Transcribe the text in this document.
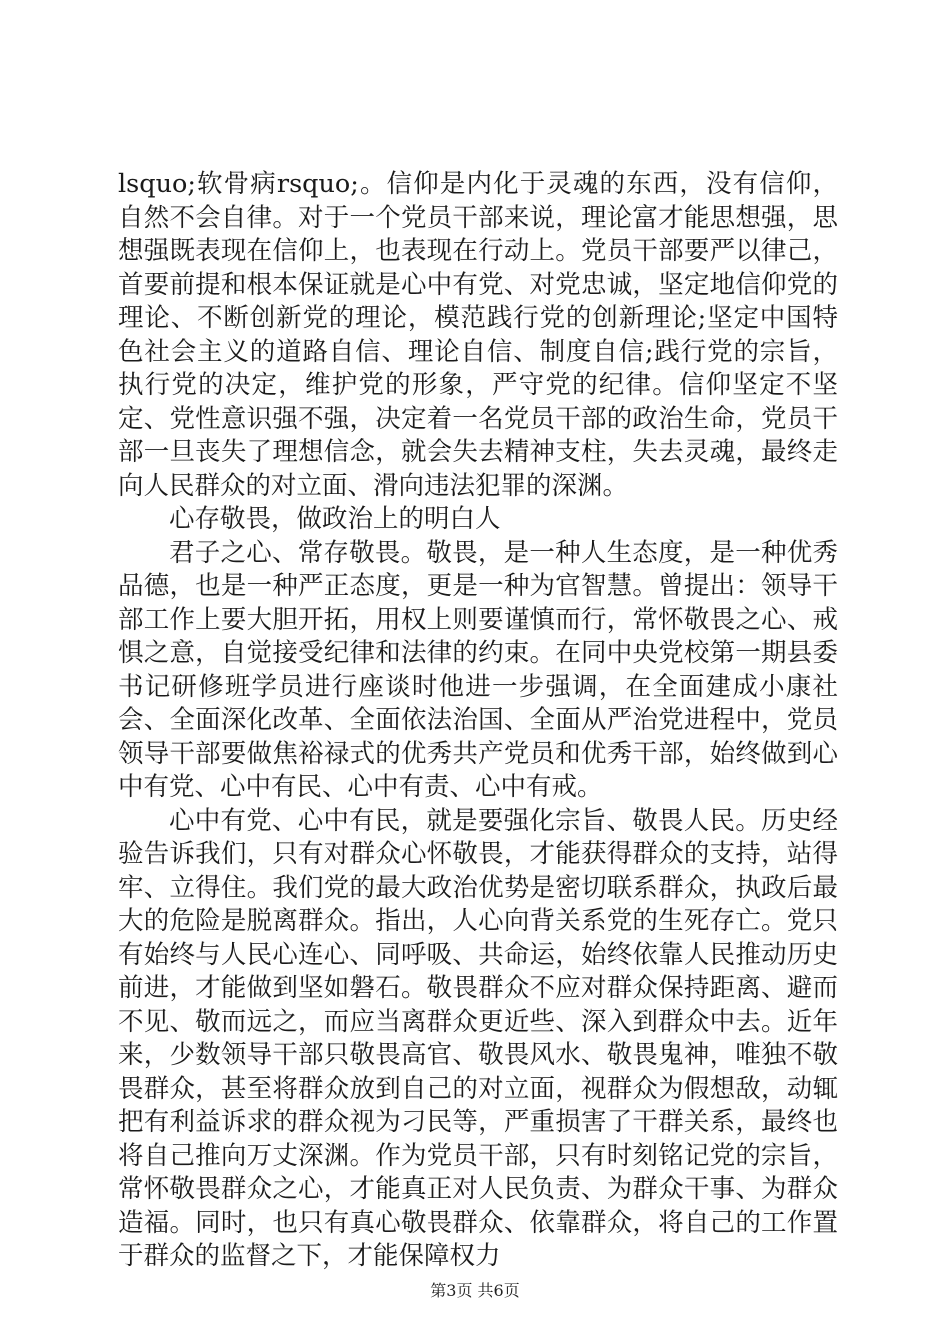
lsquo;软骨病rsquo;。信仰是内化于灵魂的东西，没有信仰，自然不会自律。对于一个党员干部来说，理论富才能思想强，思想强既表现在信仰上，也表现在行动上。党员干部要严以律己，首要前提和根本保证就是心中有党、对党忠诚，坚定地信仰党的理论、不断创新党的理论，模范践行党的创新理论;坚定中国特色社会主义的道路自信、理论自信、制度自信;践行党的宗旨，执行党的决定，维护党的形象，严守党的纪律。信仰坚定不坚定、党性意识强不强，决定着一名党员干部的政治生命，党员干部一旦丧失了理想信念，就会失去精神支柱，失去灵魂，最终走向人民群众的对立面、滑向违法犯罪的深渊。

心存敬畏，做政治上的明白人

君子之心、常存敬畏。敬畏，是一种人生态度，是一种优秀品德，也是一种严正态度，更是一种为官智慧。曾提出：领导干部工作上要大胆开拓，用权上则要谨慎而行，常怀敬畏之心、戒惧之意，自觉接受纪律和法律的约束。在同中央党校第一期县委书记研修班学员进行座谈时他进一步强调，在全面建成小康社会、全面深化改革、全面依法治国、全面从严治党进程中，党员领导干部要做焦裕禄式的优秀共产党员和优秀干部，始终做到心中有党、心中有民、心中有责、心中有戒。

心中有党、心中有民，就是要强化宗旨、敬畏人民。历史经验告诉我们，只有对群众心怀敬畏，才能获得群众的支持，站得牢、立得住。我们党的最大政治优势是密切联系群众，执政后最大的危险是脱离群众。指出，人心向背关系党的生死存亡。党只有始终与人民心连心、同呼吸、共命运，始终依靠人民推动历史前进，才能做到坚如磐石。敬畏群众不应对群众保持距离、避而不见、敬而远之，而应当离群众更近些、深入到群众中去。近年来，少数领导干部只敬畏高官、敬畏风水、敬畏鬼神，唯独不敬畏群众，甚至将群众放到自己的对立面，视群众为假想敌，动辄把有利益诉求的群众视为刁民等，严重损害了干群关系，最终也将自己推向万丈深渊。作为党员干部，只有时刻铭记党的宗旨，常怀敬畏群众之心，才能真正对人民负责、为群众干事、为群众造福。同时，也只有真心敬畏群众、依靠群众，将自己的工作置于群众的监督之下，才能保障权力

第3页 共6页
